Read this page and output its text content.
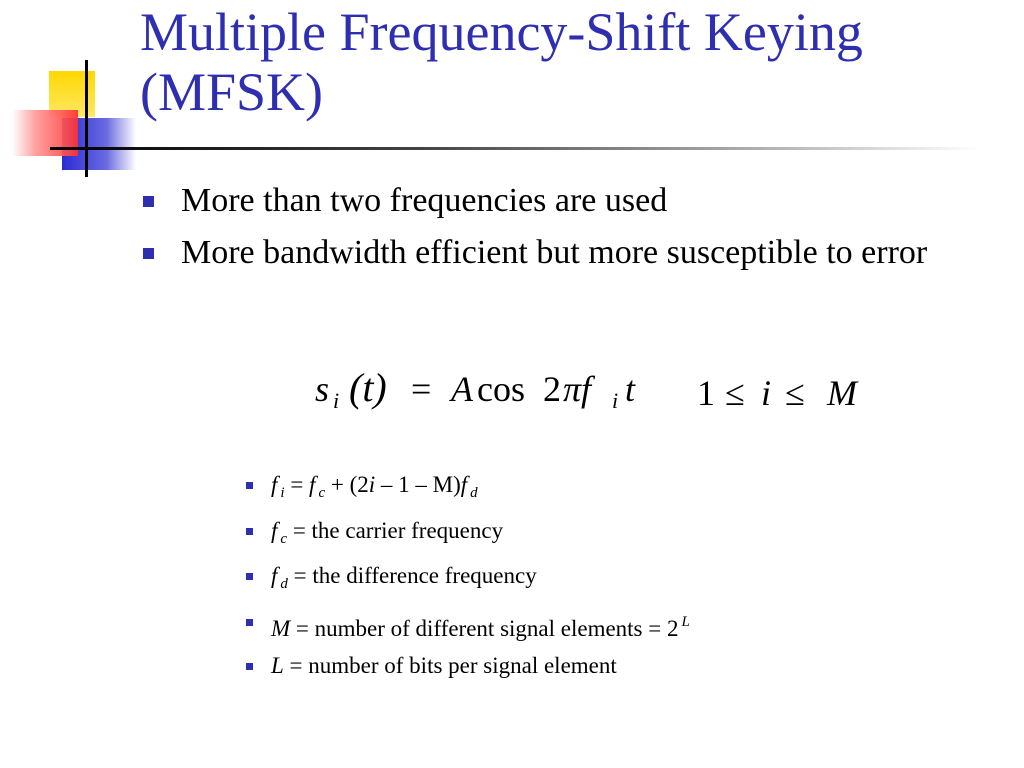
Multiple Frequency-Shift Keying (MFSK)
More than two frequencies are used
More bandwidth efficient but more susceptible to error
s i (t) = A cos 2 πf i t 1 ≤ i ≤ M
f $_i$ = f $_c$ + (2i – 1 – M)f $_d$
f $_c$ = the carrier frequency
f $_d$ = the difference frequency
M = number of different signal elements = 2 $^L$
L = number of bits per signal element
